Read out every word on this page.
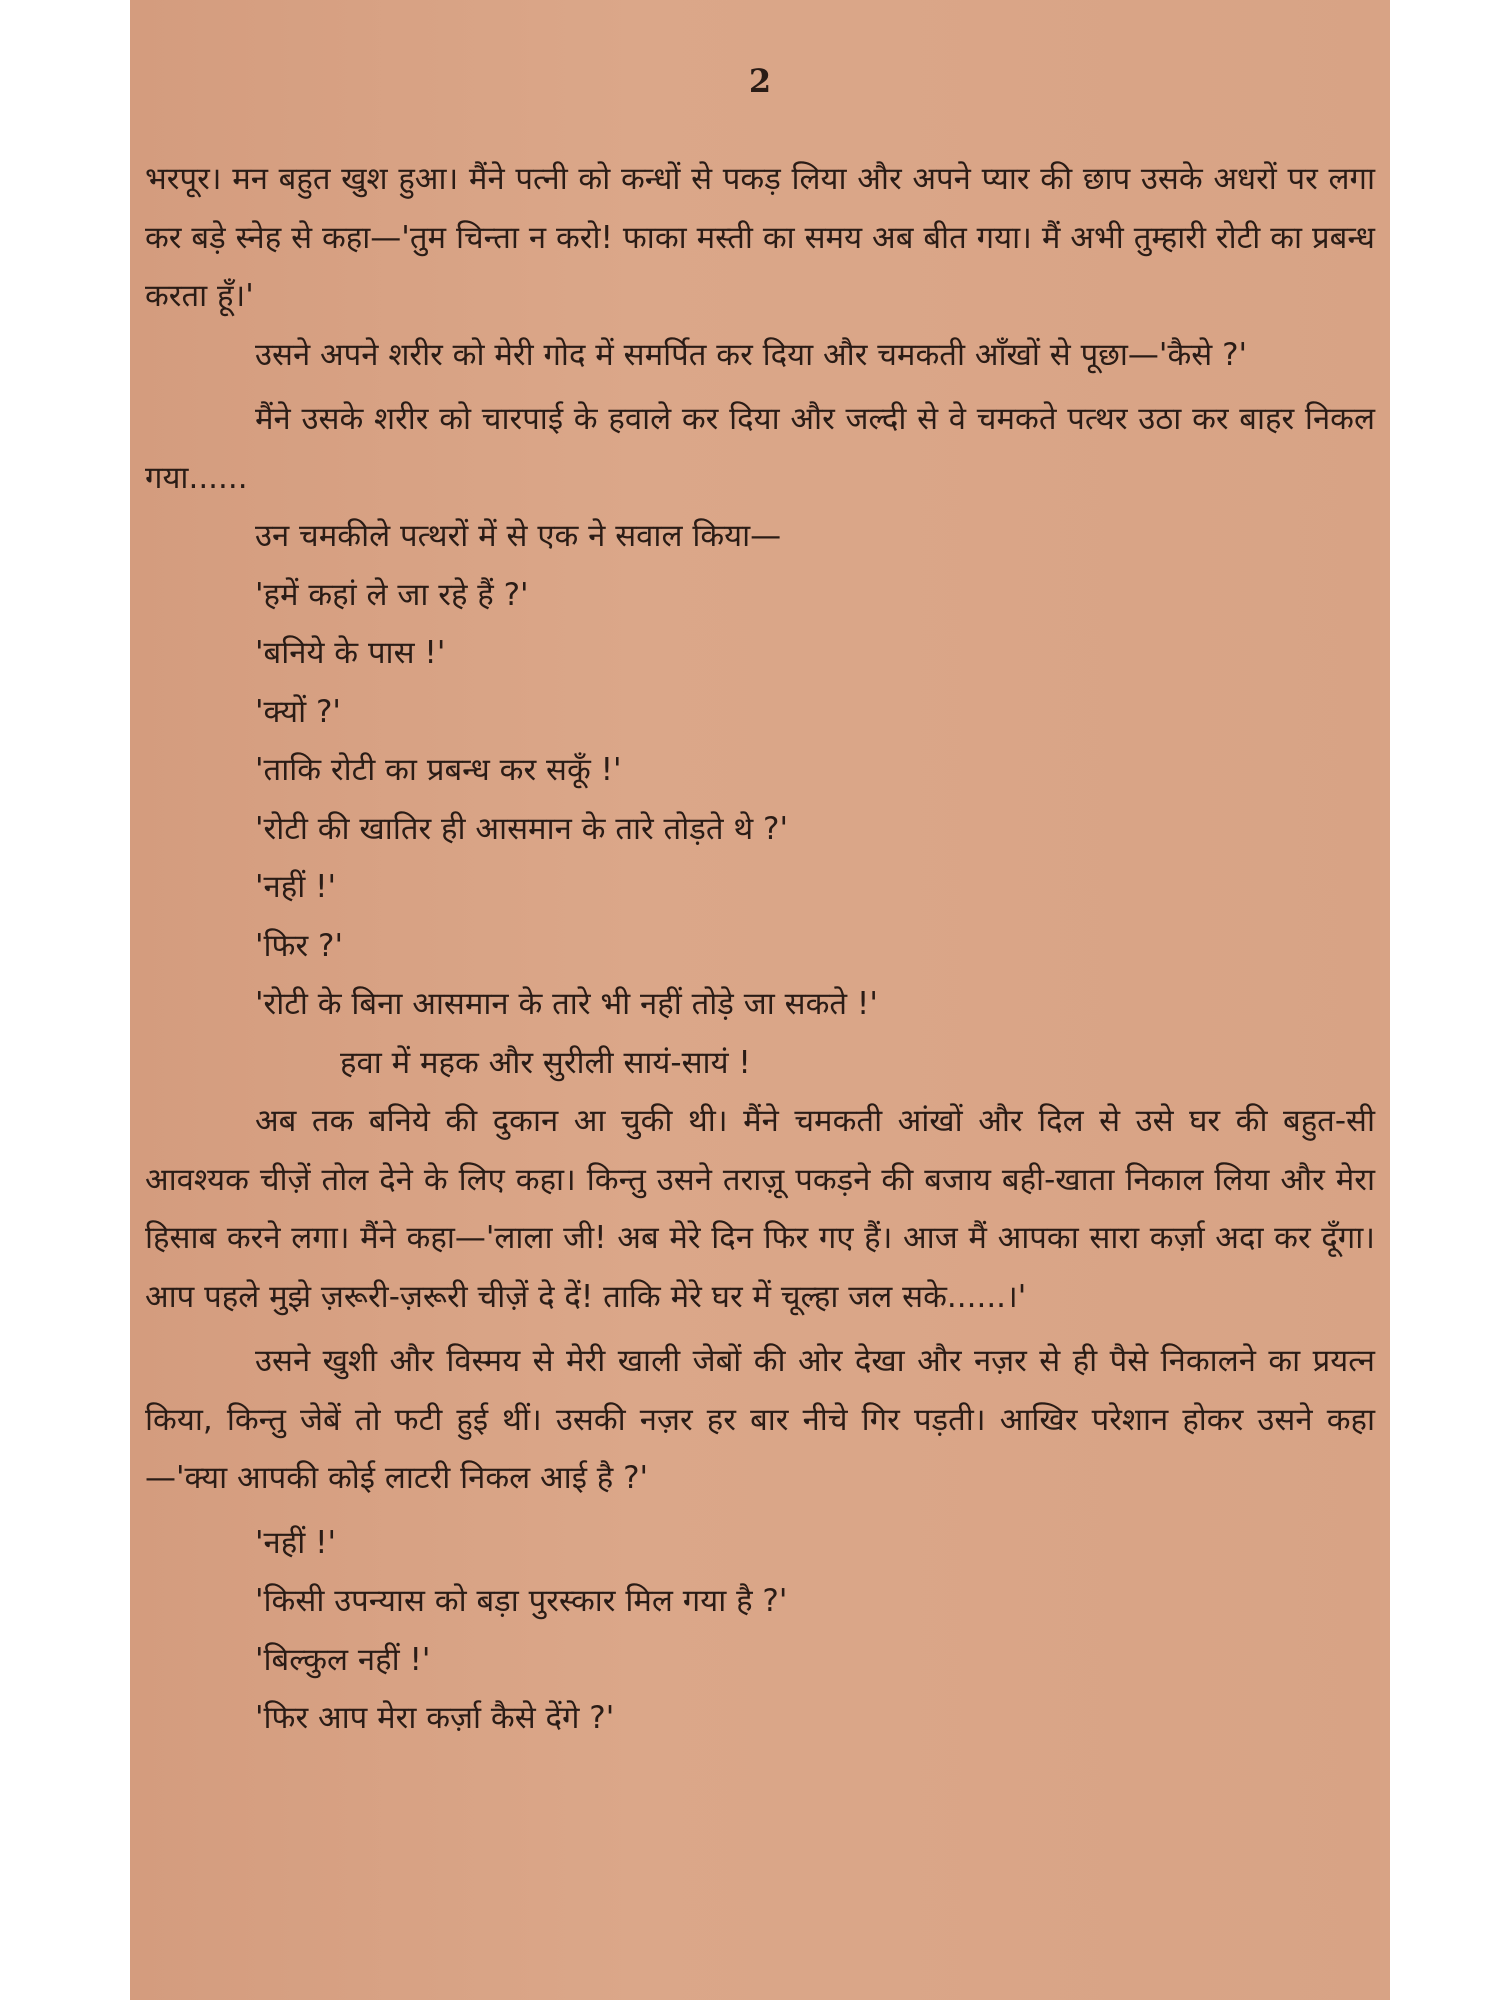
2

भरपूर। मन बहुत खुश हुआ। मैंने पत्नी को कन्धों से पकड़ लिया और अपने प्यार की छाप उसके अधरों पर लगा कर बड़े स्नेह से कहा—'तुम चिन्ता न करो! फाका मस्ती का समय अब बीत गया। मैं अभी तुम्हारी रोटी का प्रबन्ध करता हूँ।'

उसने अपने शरीर को मेरी गोद में समर्पित कर दिया और चमकती आँखों से पूछा—'कैसे ?'

मैंने उसके शरीर को चारपाई के हवाले कर दिया और जल्दी से वे चमकते पत्थर उठा कर बाहर निकल गया......

उन चमकीले पत्थरों में से एक ने सवाल किया—

'हमें कहां ले जा रहे हैं ?'

'बनिये के पास !'

'क्यों ?'

'ताकि रोटी का प्रबन्ध कर सकूँ !'

'रोटी की खातिर ही आसमान के तारे तोड़ते थे ?'

'नहीं !'

'फिर ?'

'रोटी के बिना आसमान के तारे भी नहीं तोड़े जा सकते !'

हवा में महक और सुरीली सायं-सायं !

अब तक बनिये की दुकान आ चुकी थी। मैंने चमकती आंखों और दिल से उसे घर की बहुत-सी आवश्यक चीज़ें तोल देने के लिए कहा। किन्तु उसने तराज़ू पकड़ने की बजाय बही-खाता निकाल लिया और मेरा हिसाब करने लगा। मैंने कहा—'लाला जी! अब मेरे दिन फिर गए हैं। आज मैं आपका सारा कर्ज़ा अदा कर दूँगा। आप पहले मुझे ज़रूरी-ज़रूरी चीज़ें दे दें! ताकि मेरे घर में चूल्हा जल सके......।'

उसने खुशी और विस्मय से मेरी खाली जेबों की ओर देखा और नज़र से ही पैसे निकालने का प्रयत्न किया, किन्तु जेबें तो फटी हुई थीं। उसकी नज़र हर बार नीचे गिर पड़ती। आखिर परेशान होकर उसने कहा—'क्या आपकी कोई लाटरी निकल आई है ?'

'नहीं !'

'किसी उपन्यास को बड़ा पुरस्कार मिल गया है ?'

'बिल्कुल नहीं !'

'फिर आप मेरा कर्ज़ा कैसे देंगे ?'
